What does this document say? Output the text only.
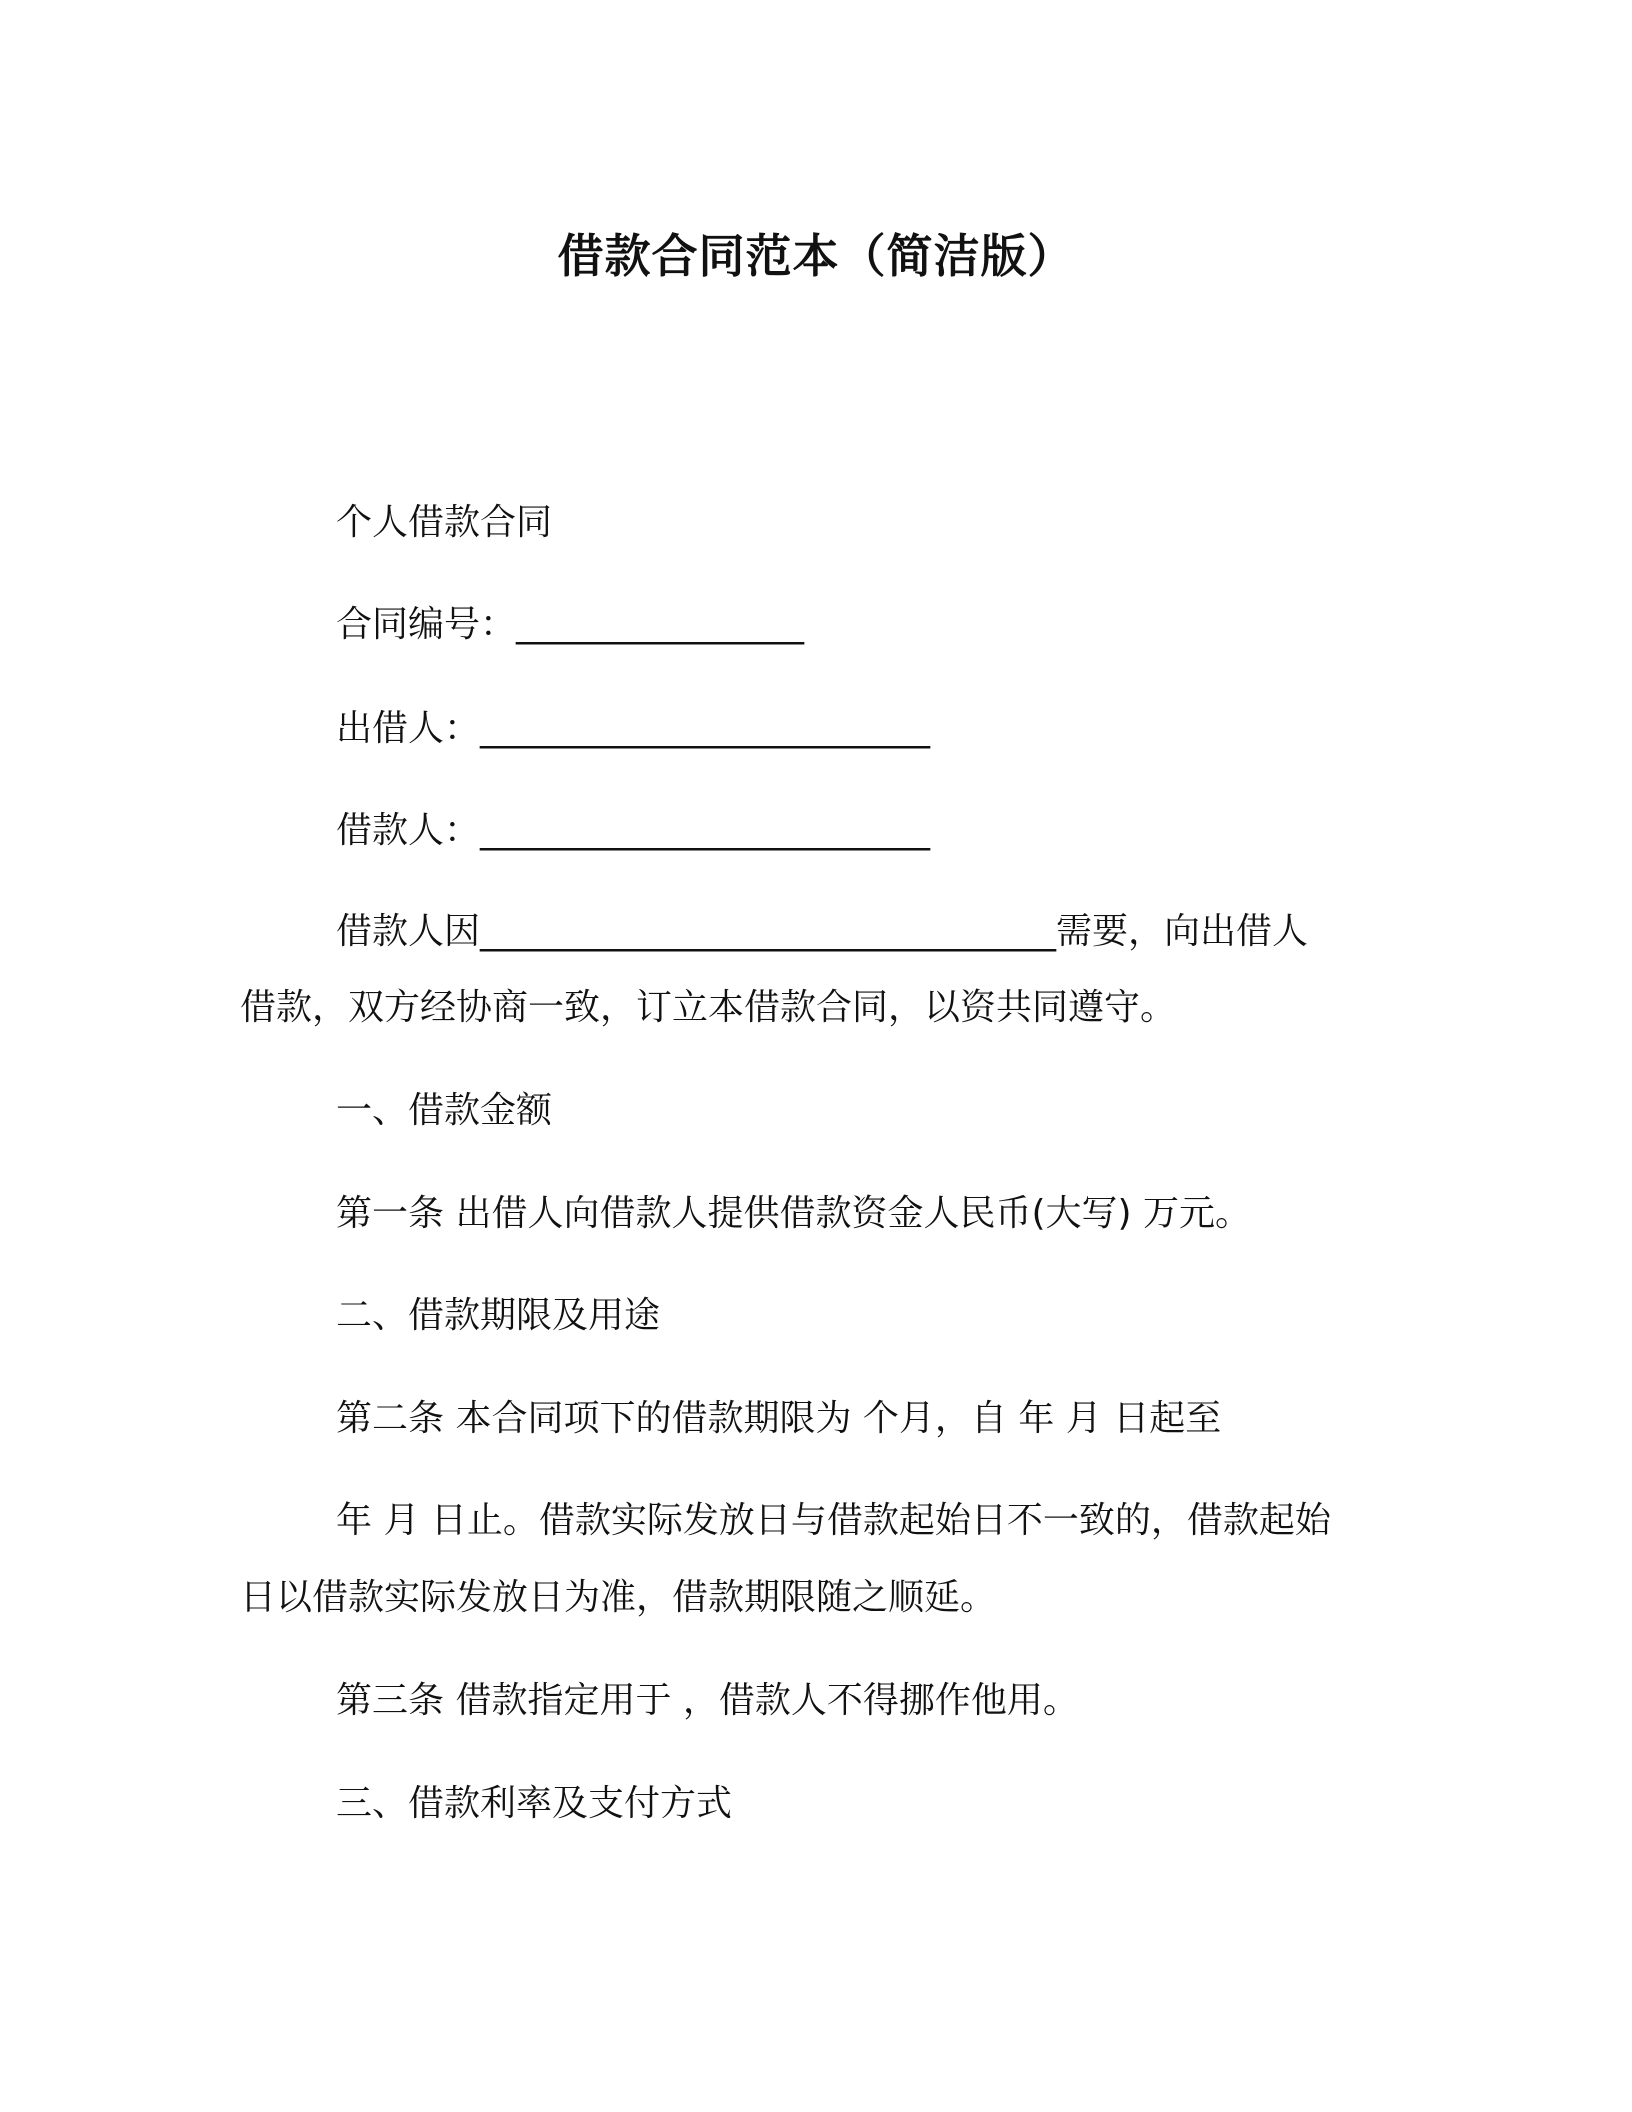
借款合同范本（简洁版）
个人借款合同
合同编号：________________
出借人：_________________________
借款人：_________________________
借款人因________________________________需要，向出借人
借款，双方经协商一致，订立本借款合同，以资共同遵守。
一、借款金额
第一条 出借人向借款人提供借款资金人民币(大写) 万元。
二、借款期限及用途
第二条 本合同项下的借款期限为 个月，自 年 月 日起至
年 月 日止。借款实际发放日与借款起始日不一致的，借款起始
日以借款实际发放日为准，借款期限随之顺延。
第三条 借款指定用于 ，借款人不得挪作他用。
三、借款利率及支付方式
